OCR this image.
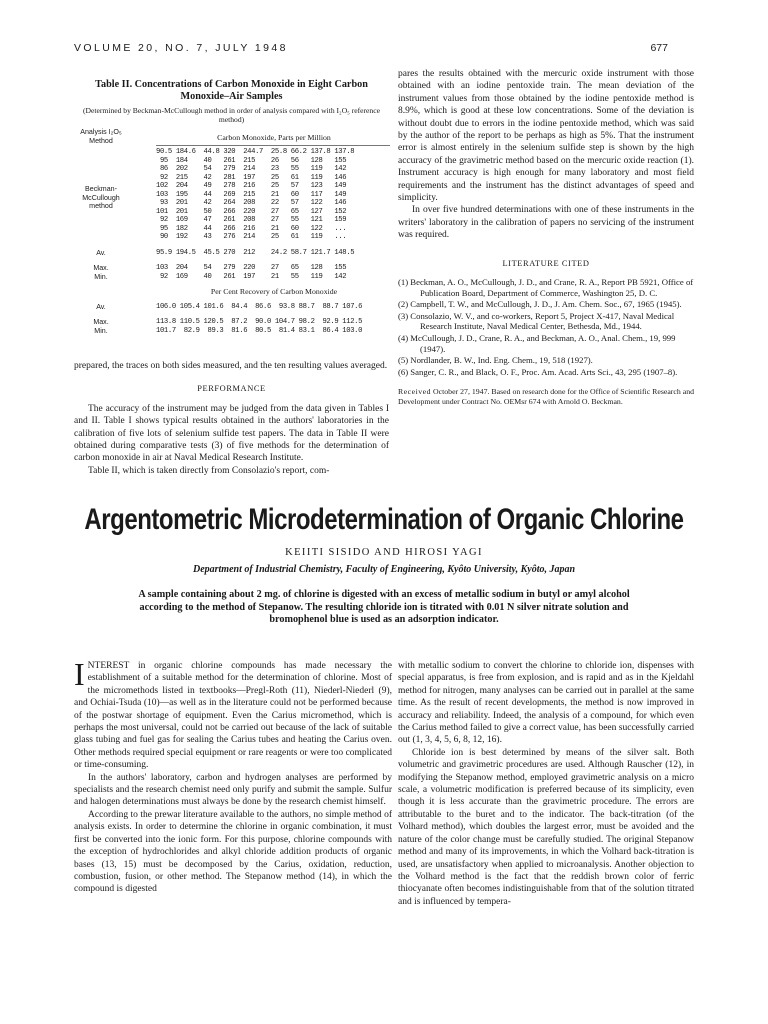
VOLUME 20, NO. 7, JULY 1948	677
Table II. Concentrations of Carbon Monoxide in Eight Carbon Monoxide–Air Samples
(Determined by Beckman-McCullough method in order of analysis compared with I₂O₅ reference method)
Analysis I₂O₅ Method	Carbon Monoxide, Parts per Million
90.5 184.6  44.8 320  244.7  25.8 66.2 137.8 137.8
95  184    40   261  215    26   56   128   155
86  202    54   279  214    23   55   119   142
92  215    42   281  197    25   61   119   146
102  204    49   278  216    25   57   123   149
Beckman-McCullough method
103  195    44   269  215    21   60   117   149
93  201    42   264  208    22   57   122   146
101  201    50   266  220    27   65   127   152
92  169    47   261  208    27   55   121   159
95  182    44   266  216    21   60   122   ...
90  192    43   276  214    25   61   119   ...
Av.	95.9 194.5  45.5 270  212    24.2 58.7 121.7 148.5
Max.	103  204    54   279  220    27   65   128   155
Min.	92  169    40   261  197    21   55   119   142
Per Cent Recovery of Carbon Monoxide
Av.	106.0 105.4 101.6  84.4  86.6  93.8 88.7  88.7 107.6
Max.	113.8 110.5 120.5  87.2  90.0 104.7 98.2  92.9 112.5
Min.	101.7  82.9  89.3  81.6  80.5  81.4 83.1  86.4 103.0

prepared, the traces on both sides measured, and the ten resulting values averaged.

PERFORMANCE

The accuracy of the instrument may be judged from the data given in Tables I and II. Table I shows typical results obtained in the authors' laboratories in the calibration of five lots of selenium sulfide test papers. The data in Table II were obtained during comparative tests (3) of five methods for the determination of carbon monoxide in air at Naval Medical Research Institute.

Table II, which is taken directly from Consolazio's report, com-

pares the results obtained with the mercuric oxide instrument with those obtained with an iodine pentoxide train. The mean deviation of the instrument values from those obtained by the iodine pentoxide method is 8.9%, which is good at these low concentrations. Some of the deviation is without doubt due to errors in the iodine pentoxide method, which was said by the author of the report to be perhaps as high as 5%. That the instrument error is almost entirely in the selenium sulfide step is shown by the high accuracy of the gravimetric method based on the mercuric oxide reaction (1). Instrument accuracy is high enough for many laboratory and most field requirements and the instrument has the distinct advantages of speed and simplicity.

In over five hundred determinations with one of these instruments in the writers' laboratory in the calibration of papers no servicing of the instrument was required.

LITERATURE CITED
(1) Beckman, A. O., McCullough, J. D., and Crane, R. A., Report PB 5921, Office of Publication Board, Department of Commerce, Washington 25, D. C.
(2) Campbell, T. W., and McCullough, J. D., J. Am. Chem. Soc., 67, 1965 (1945).
(3) Consolazio, W. V., and co-workers, Report 5, Project X-417, Naval Medical Research Institute, Naval Medical Center, Bethesda, Md., 1944.
(4) McCullough, J. D., Crane, R. A., and Beckman, A. O., Anal. Chem., 19, 999 (1947).
(5) Nordlander, B. W., Ind. Eng. Chem., 19, 518 (1927).
(6) Sanger, C. R., and Black, O. F., Proc. Am. Acad. Arts Sci., 43, 295 (1907–8).
Received October 27, 1947. Based on research done for the Office of Scientific Research and Development under Contract No. OEMsr 674 with Arnold O. Beckman.
Argentometric Microdetermination of Organic Chlorine
KEIITI SISIDO AND HIROSI YAGI
Department of Industrial Chemistry, Faculty of Engineering, Kyôto University, Kyôto, Japan
A sample containing about 2 mg. of chlorine is digested with an excess of metallic sodium in butyl or amyl alcohol according to the method of Stepanow. The resulting chloride ion is titrated with 0.01 N silver nitrate solution and bromophenol blue is used as an adsorption indicator.

INTEREST in organic chlorine compounds has made necessary the establishment of a suitable method for the determination of chlorine. Most of the micromethods listed in textbooks—Pregl-Roth (11), Niederl-Niederl (9), and Ochiai-Tsuda (10)—as well as in the literature could not be performed because of the postwar shortage of equipment. Even the Carius micromethod, which is perhaps the most universal, could not be carried out because of the lack of suitable glass tubing and fuel gas for sealing the Carius tubes and heating the Carius oven. Other methods required special equipment or rare reagents or were too complicated or time-consuming.

In the authors' laboratory, carbon and hydrogen analyses are performed by specialists and the research chemist need only purify and submit the sample. Sulfur and halogen determinations must always be done by the research chemist himself.

According to the prewar literature available to the authors, no simple method of analysis exists. In order to determine the chlorine in organic combination, it must first be converted into the ionic form. For this purpose, chlorine compounds with the exception of hydrochlorides and alkyl chloride addition products of organic bases (13, 15) must be decomposed by the Carius, oxidation, reduction, combustion, fusion, or other method. The Stepanow method (14), in which the compound is digested

with metallic sodium to convert the chlorine to chloride ion, dispenses with special apparatus, is free from explosion, and is rapid and as in the Kjeldahl method for nitrogen, many analyses can be carried out in parallel at the same time. As the result of recent developments, the method is now improved in accuracy and reliability. Indeed, the analysis of a compound, for which even the Carius method failed to give a correct value, has been successfully carried out (1, 3, 4, 5, 6, 8, 12, 16).

Chloride ion is best determined by means of the silver salt. Both volumetric and gravimetric procedures are used. Although Rauscher (12), in modifying the Stepanow method, employed gravimetric analysis on a micro scale, a volumetric modification is preferred because of its simplicity, even though it is less accurate than the gravimetric procedure. The errors are attributable to the buret and to the indicator. The back-titration (of the Volhard method), which doubles the largest error, must be avoided and the nature of the color change must be carefully studied. The original Stepanow method and many of its improvements, in which the Volhard back-titration is used, are unsatisfactory when applied to microanalysis. Another objection to the Volhard method is the fact that the reddish brown color of ferric thiocyanate often becomes indistinguishable from that of the solution titrated and is influenced by tempera-
